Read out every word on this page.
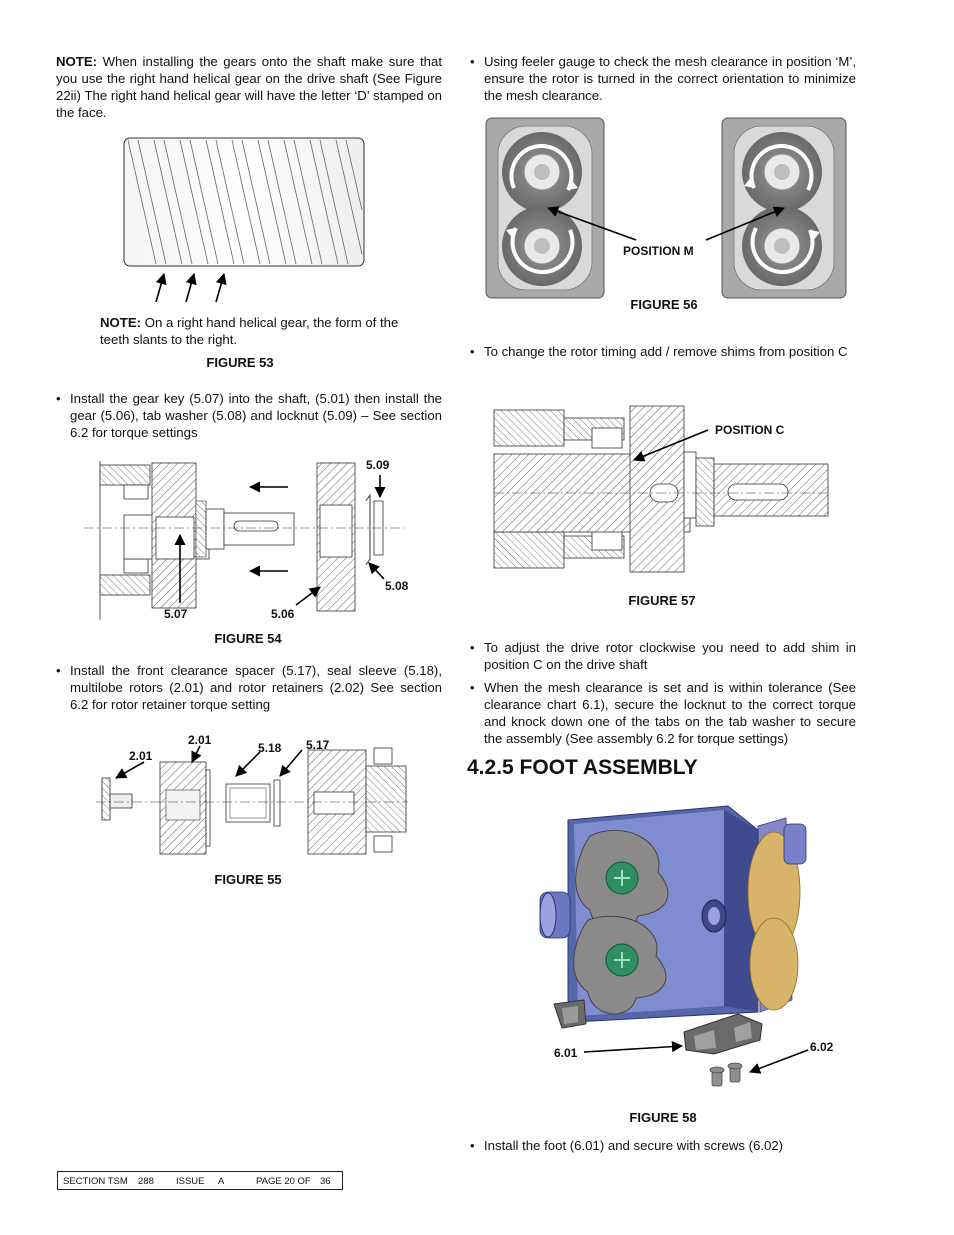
NOTE: When installing the gears onto the shaft make sure that you use the right hand helical gear on the drive shaft (See Figure 22ii) The right hand helical gear will have the letter ‘D’ stamped on the face.

NOTE: On a right hand helical gear, the form of the teeth slants to the right.

FIGURE 53
• Install the gear key (5.07) into the shaft, (5.01) then install the gear (5.06), tab washer (5.08) and locknut (5.09) – See section 6.2 for torque settings
5.09
5.08
5.07	5.06
FIGURE 54
• Install the front clearance spacer (5.17), seal sleeve (5.18), multilobe rotors (2.01) and rotor retainers (2.02) See section 6.2 for rotor retainer torque setting
2.01
2.01
5.18 5.17
FIGURE 55
• Using feeler gauge to check the mesh clearance in position ‘M’, ensure the rotor is turned in the correct orientation to minimize the mesh clearance.
POSITION M
FIGURE 56
• To change the rotor timing add / remove shims from position C
POSITION C
FIGURE 57
• To adjust the drive rotor clockwise you need to add shim in position C on the drive shaft
• When the mesh clearance is set and is within tolerance (See clearance chart 6.1), secure the locknut to the correct torque and knock down one of the tabs on the tab washer to secure the assembly (See assembly 6.2 for torque settings)
4.2.5 FOOT ASSEMBLY
6.01	6.02
FIGURE 58
• Install the foot (6.01) and secure with screws (6.02)
SECTION TSM 288 ISSUE A	PAGE 20 OF 36
